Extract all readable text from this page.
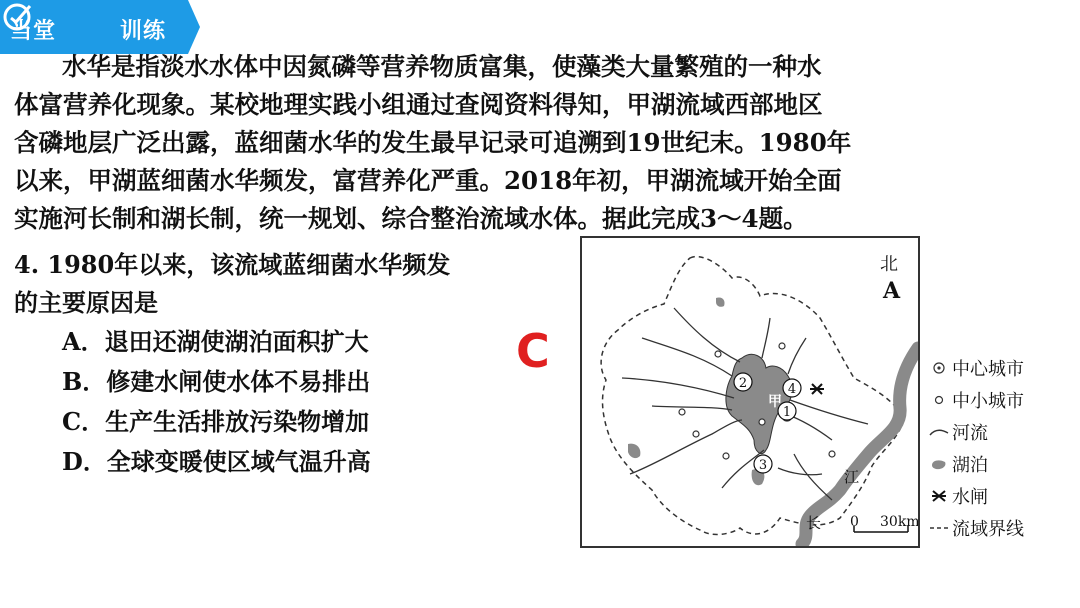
当堂	训练
水华是指淡水水体中因氮磷等营养物质富集，使藻类大量繁殖的一种水
体富营养化现象。某校地理实践小组通过查阅资料得知，甲湖流域西部地区
含磷地层广泛出露，蓝细菌水华的发生最早记录可追溯到19世纪末。1980年
以来，甲湖蓝细菌水华频发，富营养化严重。2018年初，甲湖流域开始全面
实施河长制和湖长制，统一规划、综合整治流域水体。据此完成3～4题。
4. 1980年以来，该流域蓝细菌水华频发
的主要原因是
A．退田还湖使湖泊面积扩大
B．修建水闸使水体不易排出
C．生产生活排放污染物增加
D．全球变暖使区域气温升高
C
2	4
1
3
甲
江
长
北
A
0 30km
中心城市
中小城市
河流
湖泊
水闸
流域界线
